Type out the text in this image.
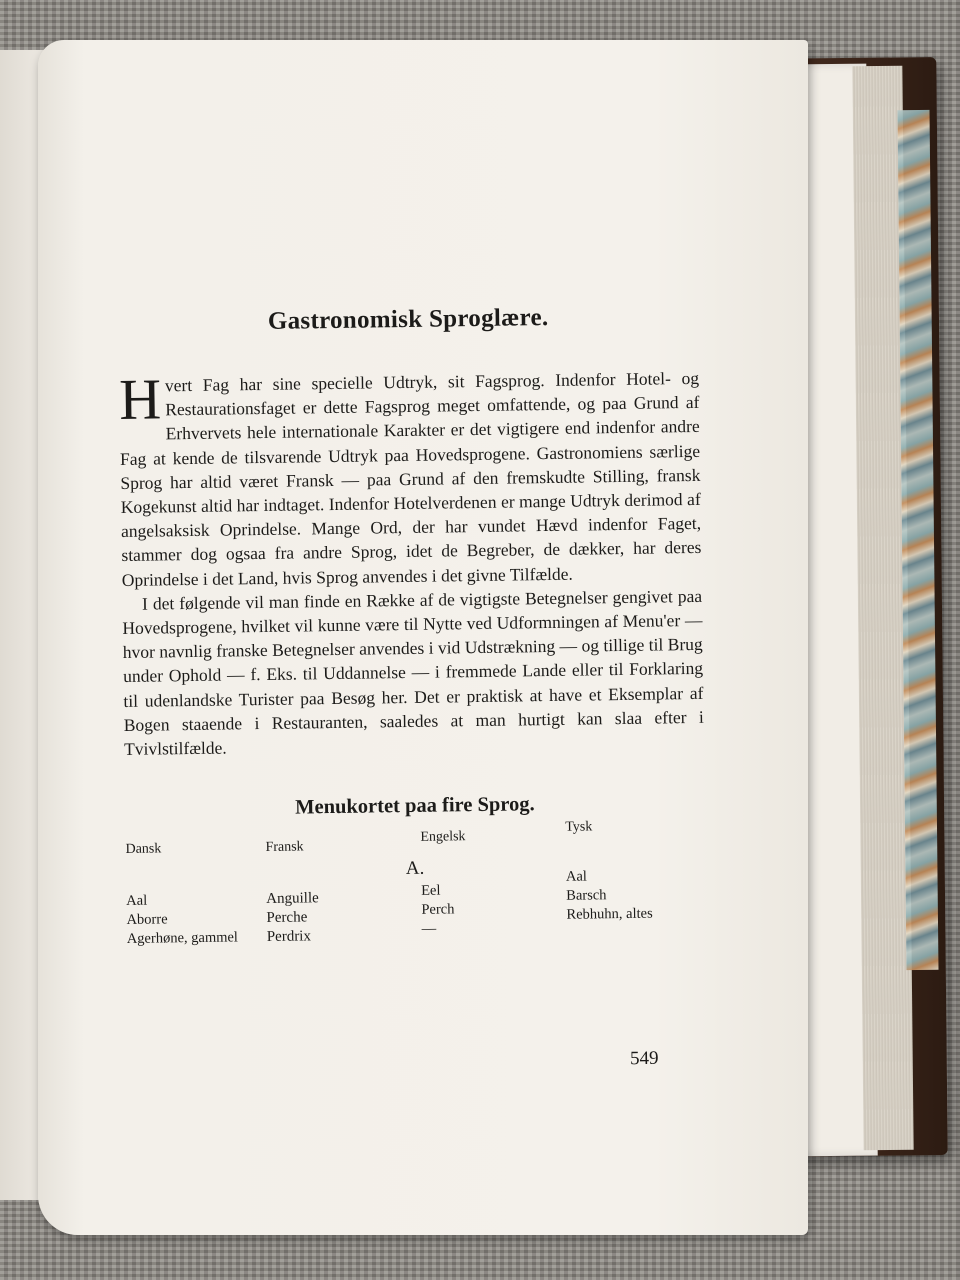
Gastronomisk Sproglære.

Hvert Fag har sine specielle Udtryk, sit Fagsprog. Indenfor Hotel- og Restaurationsfaget er dette Fagsprog meget omfattende, og paa Grund af Erhvervets hele internationale Karakter er det vigtigere end indenfor andre Fag at kende de tilsvarende Udtryk paa Hovedsprogene. Gastronomiens særlige Sprog har altid været Fransk — paa Grund af den fremskudte Stilling, fransk Kogekunst altid har indtaget. Indenfor Hotelverdenen er mange Udtryk derimod af angelsaksisk Oprindelse. Mange Ord, der har vundet Hævd indenfor Faget, stammer dog ogsaa fra andre Sprog, idet de Begreber, de dækker, har deres Oprindelse i det Land, hvis Sprog anvendes i det givne Tilfælde.

I det følgende vil man finde en Række af de vigtigste Betegnelser gengivet paa Hovedsprogene, hvilket vil kunne være til Nytte ved Udformningen af Menu'er — hvor navnlig franske Betegnelser anvendes i vid Udstrækning — og tillige til Brug under Ophold — f. Eks. til Uddannelse — i fremmede Lande eller til Forklaring til udenlandske Turister paa Besøg her. Det er praktisk at have et Eksemplar af Bogen staaende i Restauranten, saaledes at man hurtigt kan slaa efter i Tvivlstilfælde.

Menukortet paa fire Sprog.
Dansk	Fransk
Engelsk
Tysk
A.
Aal
Aborre
Agerhøne, gammel
Anguille
Perche
Perdrix
Eel
Perch
—
Aal
Barsch
Rebhuhn, altes
549
